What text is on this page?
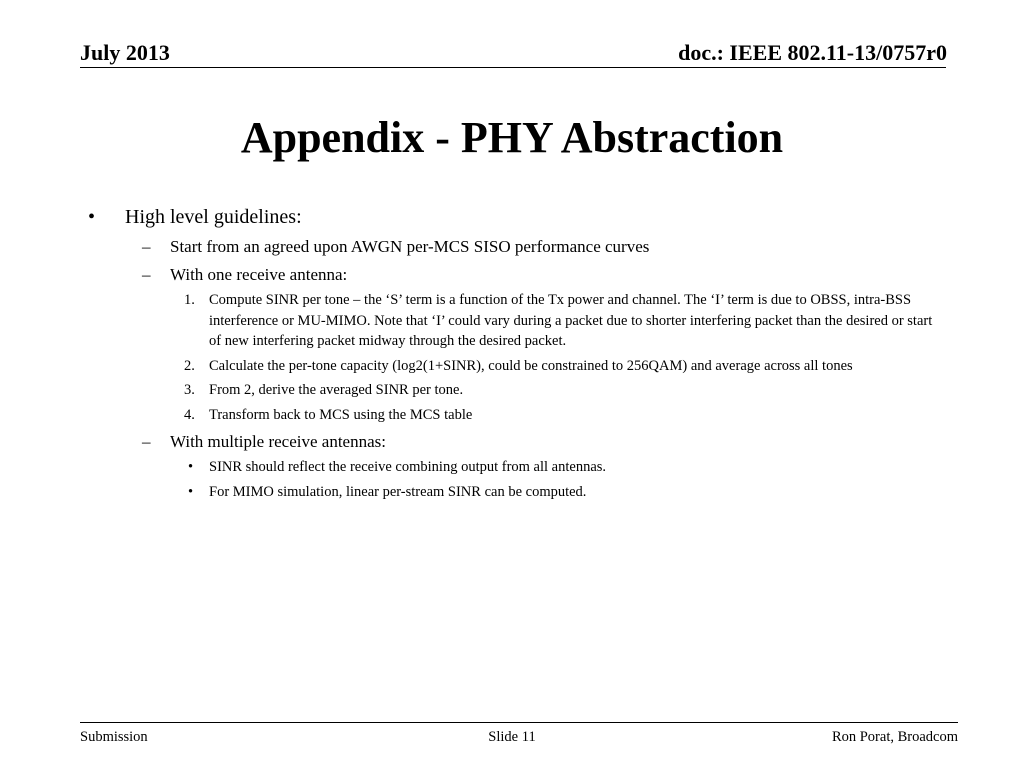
July 2013	doc.: IEEE 802.11-13/0757r0
Appendix - PHY Abstraction
• High level guidelines:
– Start from an agreed upon AWGN per-MCS SISO performance curves
– With one receive antenna:
1. Compute SINR per tone – the ‘S’ term is a function of the Tx power and channel. The ‘I’ term is due to OBSS, intra-BSS interference or MU-MIMO. Note that ‘I’ could vary during a packet due to shorter interfering packet than the desired or start of new interfering packet midway through the desired packet.
2. Calculate the per-tone capacity (log2(1+SINR), could be constrained to 256QAM) and average across all tones
3. From 2, derive the averaged SINR per tone.
4. Transform back to MCS using the MCS table
– With multiple receive antennas:
• SINR should reflect the receive combining output from all antennas.
• For MIMO simulation, linear per-stream SINR can be computed.
Submission	Slide 11	Ron Porat, Broadcom
